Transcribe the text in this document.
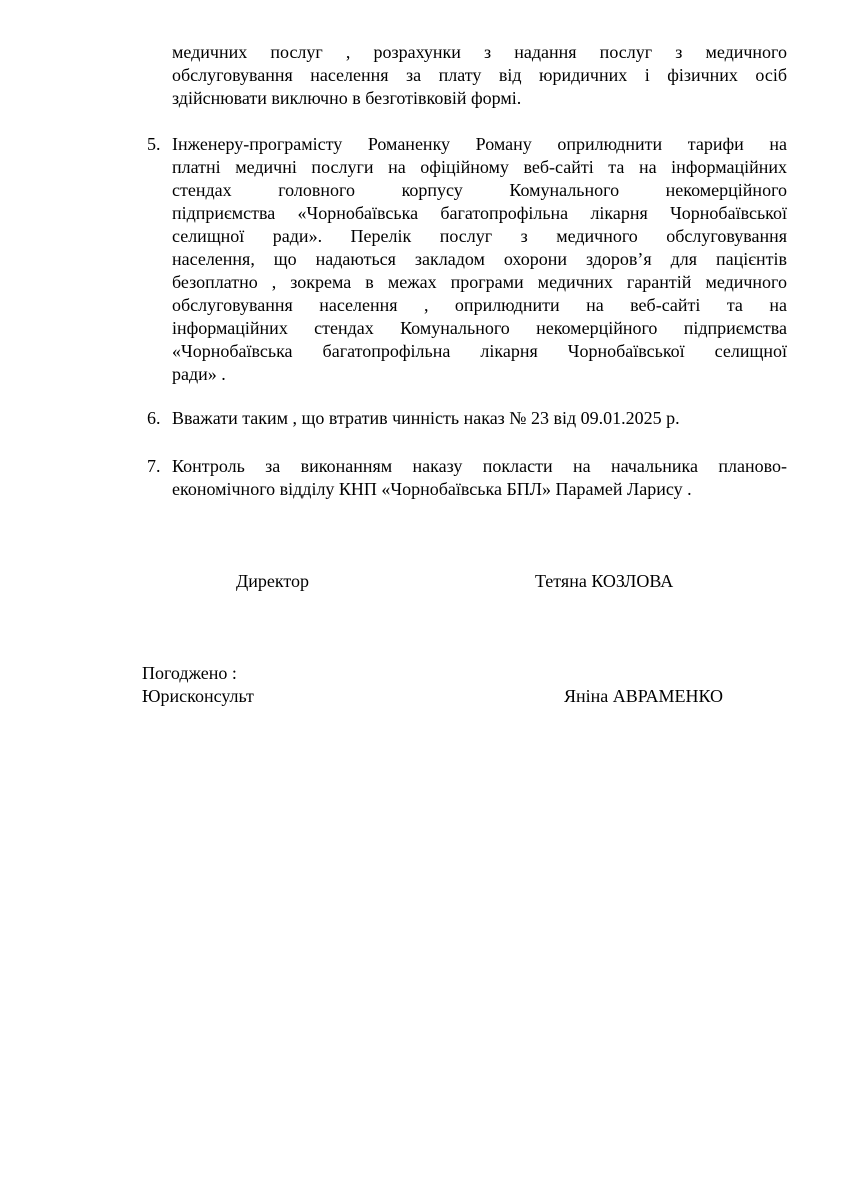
медичних послуг , розрахунки з надання послуг з медичного
обслуговування населення за плату від юридичних і фізичних осіб
здійснювати виключно в безготівковій формі.
5. Інженеру-програмісту Романенку Роману оприлюднити тарифи на
платні медичні послуги на офіційному веб-сайті та на інформаційних
стендах головного корпусу Комунального некомерційного
підприємства «Чорнобаївська багатопрофільна лікарня Чорнобаївської
селищної ради». Перелік послуг з медичного обслуговування
населення, що надаються закладом охорони здоров’я для пацієнтів
безоплатно , зокрема в межах програми медичних гарантій медичного
обслуговування населення , оприлюднити на веб-сайті та на
інформаційних стендах Комунального некомерційного підприємства
«Чорнобаївська багатопрофільна лікарня Чорнобаївської селищної
ради» .
6. Вважати таким , що втратив чинність наказ № 23 від 09.01.2025 р.
7. Контроль за виконанням наказу покласти на начальника планово-
економічного відділу КНП «Чорнобаївська БПЛ» Парамей Ларису .
Директор	Тетяна КОЗЛОВА
Погоджено :
Юрисконсульт	Яніна АВРАМЕНКО
